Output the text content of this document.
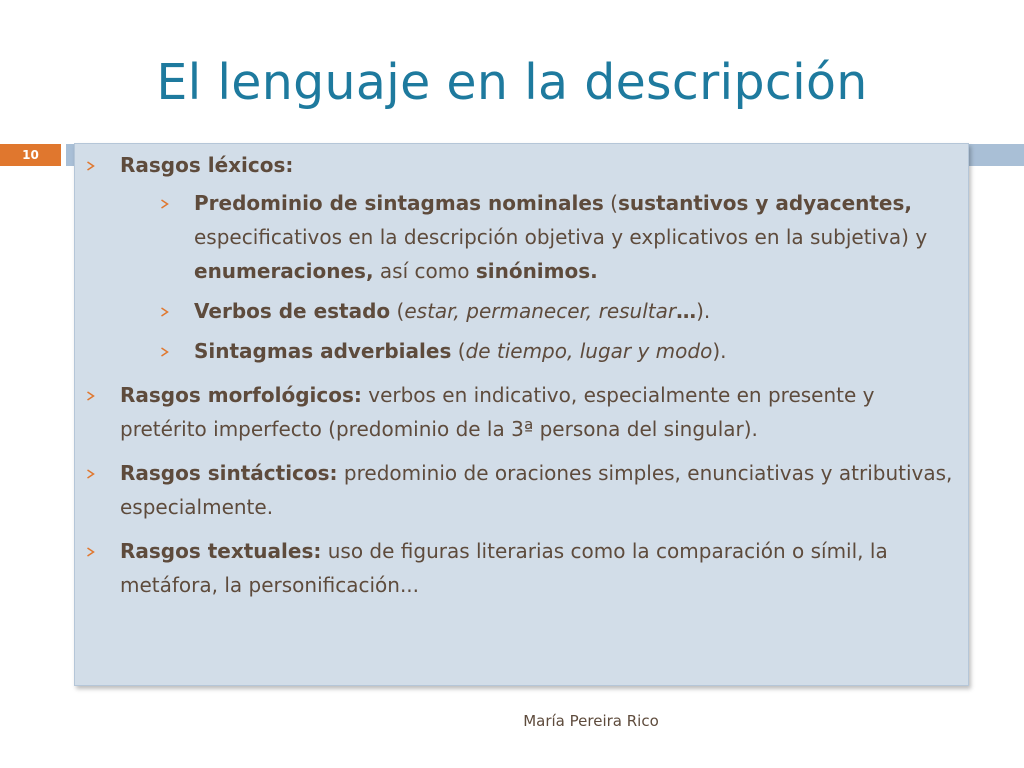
El lenguaje en la descripción
10	Rasgos léxicos:
Predominio de sintagmas nominales (sustantivos y adyacentes, especificativos en la descripción objetiva y explicativos en la subjetiva) y enumeraciones, así como sinónimos.
Verbos de estado (estar, permanecer, resultar…).
Sintagmas adverbiales (de tiempo, lugar y modo).
Rasgos morfológicos: verbos en indicativo, especialmente en presente y pretérito imperfecto (predominio de la 3ª persona del singular).
Rasgos sintácticos: predominio de oraciones simples, enunciativas y atributivas, especialmente.
Rasgos textuales: uso de figuras literarias como la comparación o símil, la metáfora, la personificación...
María Pereira Rico
